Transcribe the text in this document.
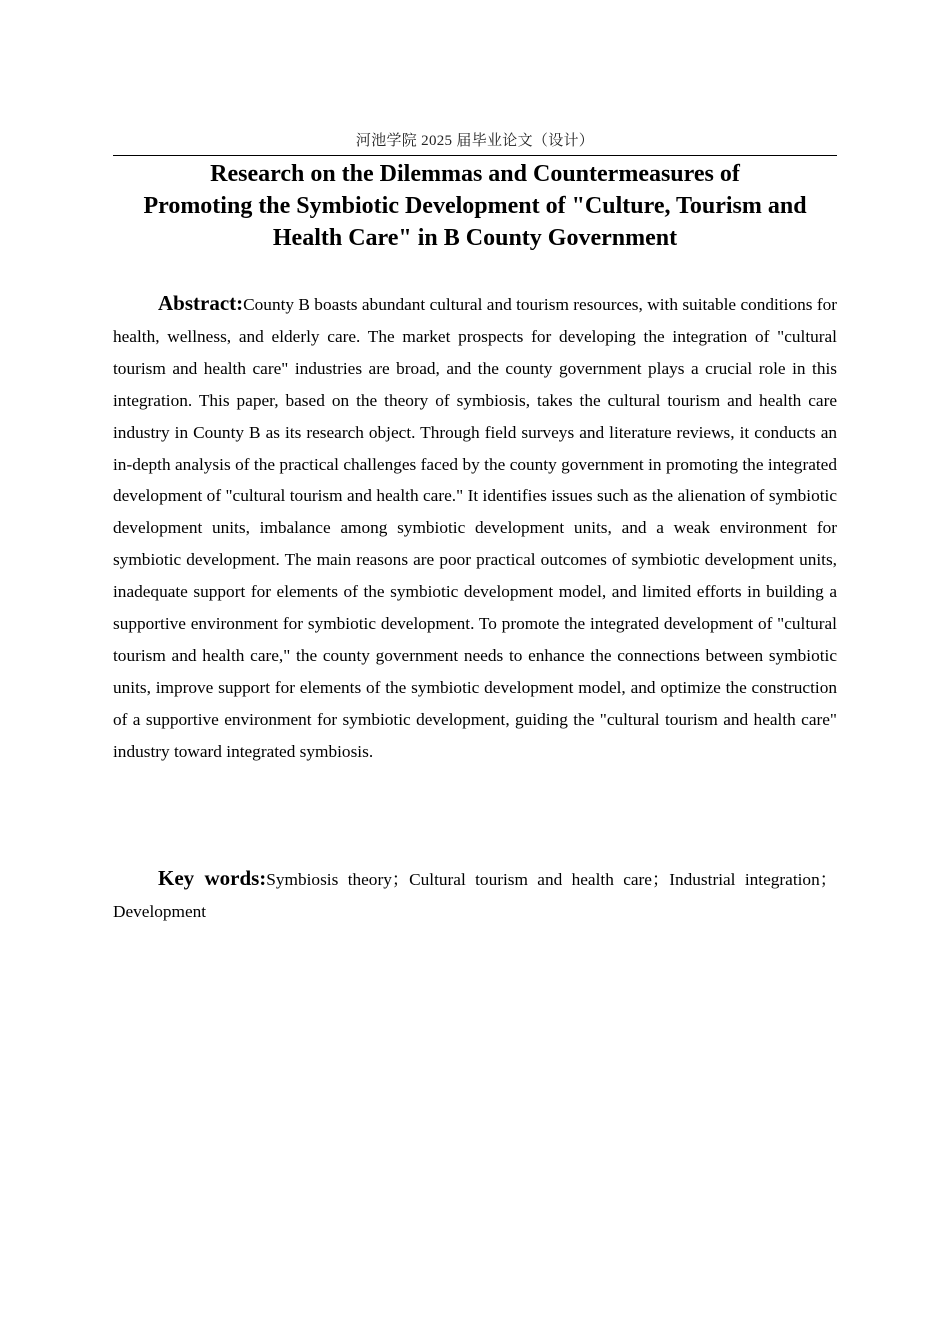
河池学院 2025 届毕业论文（设计）
Research on the Dilemmas and Countermeasures of
Promoting the Symbiotic Development of "Culture, Tourism and
Health Care" in B County Government

Abstract:County B boasts abundant cultural and tourism resources, with suitable conditions for health, wellness, and elderly care. The market prospects for developing the integration of "cultural tourism and health care" industries are broad, and the county government plays a crucial role in this integration. This paper, based on the theory of symbiosis, takes the cultural tourism and health care industry in County B as its research object. Through field surveys and literature reviews, it conducts an in-depth analysis of the practical challenges faced by the county government in promoting the integrated development of "cultural tourism and health care." It identifies issues such as the alienation of symbiotic development units, imbalance among symbiotic development units, and a weak environment for symbiotic development. The main reasons are poor practical outcomes of symbiotic development units, inadequate support for elements of the symbiotic development model, and limited efforts in building a supportive environment for symbiotic development. To promote the integrated development of "cultural tourism and health care," the county government needs to enhance the connections between symbiotic units, improve support for elements of the symbiotic development model, and optimize the construction of a supportive environment for symbiotic development, guiding the "cultural tourism and health care" industry toward integrated symbiosis.

Key words:Symbiosis theory；Cultural tourism and health care；Industrial integration；Development
